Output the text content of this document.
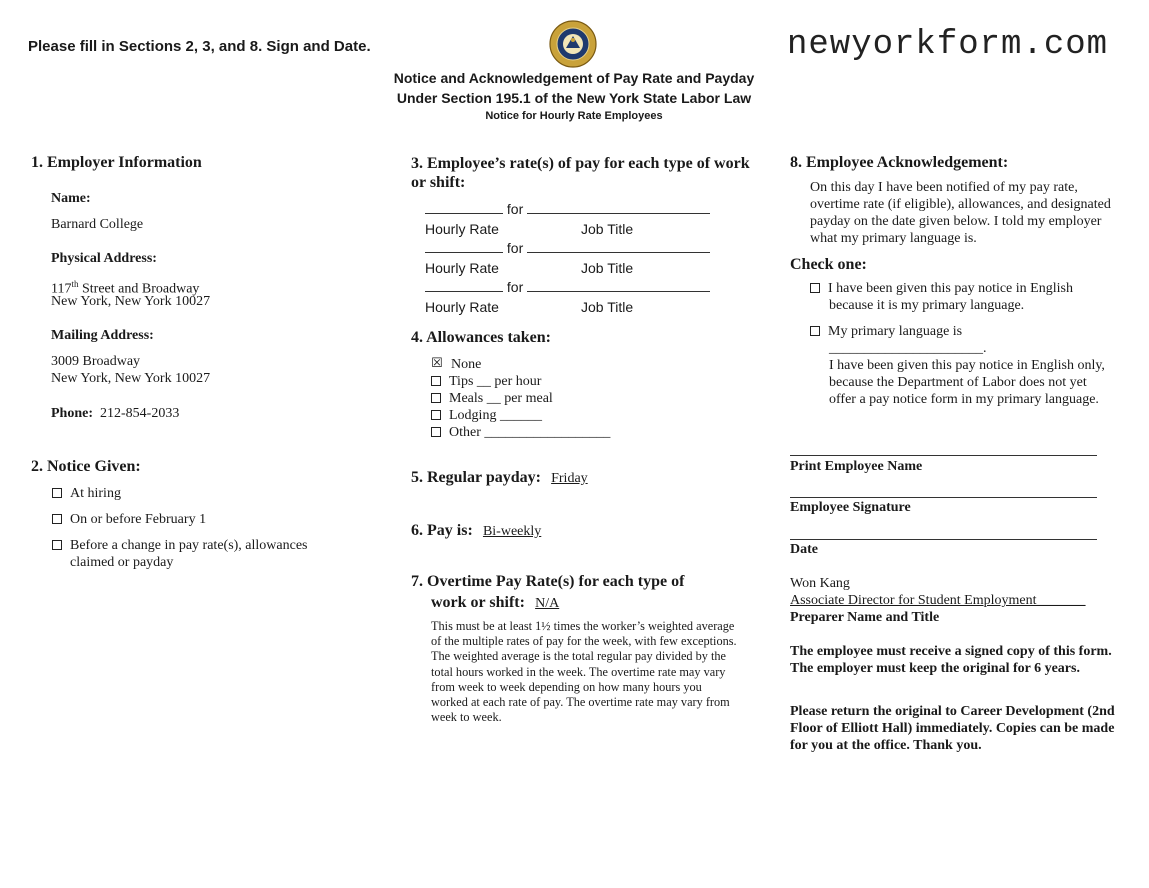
Please fill in Sections 2, 3, and 8. Sign and Date.	newyorkform.com
Notice and Acknowledgement of Pay Rate and Payday
Under Section 195.1 of the New York State Labor Law
Notice for Hourly Rate Employees
1. Employer Information
Name:
Barnard College
Physical Address:
117th Street and Broadway
New York, New York 10027
Mailing Address:
3009 Broadway
New York, New York 10027
Phone: 212-854-2033
2. Notice Given:
At hiring
On or before February 1
Before a change in pay rate(s), allowances claimed or payday
3. Employee’s rate(s) of pay for each type of work or shift:
for
Hourly Rate	Job Title
for
Hourly Rate	Job Title
for
Hourly Rate	Job Title
4. Allowances taken:
☒ None
Tips __ per hour
Meals __ per meal
Lodging ______
Other __________________
5. Regular payday: Friday
6. Pay is: Bi-weekly
7. Overtime Pay Rate(s) for each type of
work or shift: N/A
This must be at least 1½ times the worker’s weighted average of the multiple rates of pay for the week, with few exceptions. The weighted average is the total regular pay divided by the total hours worked in the week. The overtime rate may vary from week to week depending on how many hours you worked at each rate of pay. The overtime rate may vary from week to week.
8. Employee Acknowledgement:
On this day I have been notified of my pay rate, overtime rate (if eligible), allowances, and designated payday on the date given below. I told my employer what my primary language is.
Check one:
I have been given this pay notice in English because it is my primary language.
My primary language is ______________________.
I have been given this pay notice in English only, because the Department of Labor does not yet offer a pay notice form in my primary language.
Print Employee Name
Employee Signature
Date
Won Kang
Associate Director for Student Employment_______
Preparer Name and Title
The employee must receive a signed copy of this form. The employer must keep the original for 6 years.
Please return the original to Career Development (2nd Floor of Elliott Hall) immediately. Copies can be made for you at the office. Thank you.
